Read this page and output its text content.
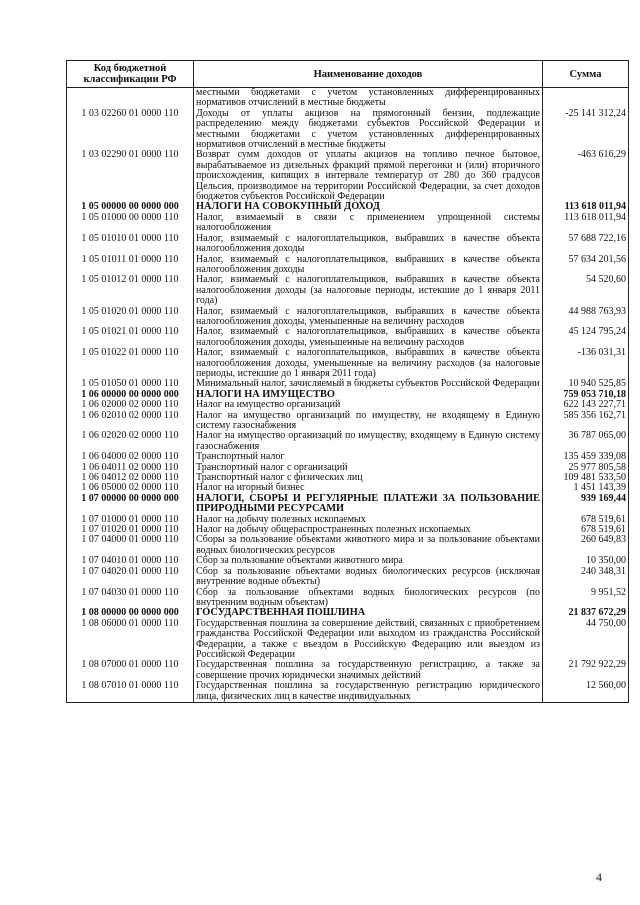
Код бюджетной классификации РФ	Наименование доходов	Сумма
	местными бюджетами с учетом установленных дифференцированных нормативов отчислений в местные бюджеты	
1 03 02260 01 0000 110	Доходы от уплаты акцизов на прямогонный бензин, подлежащие распределению между бюджетами субъектов Российской Федерации и местными бюджетами с учетом установленных дифференцированных нормативов отчислений в местные бюджеты	-25 141 312,24
1 03 02290 01 0000 110	Возврат сумм доходов от уплаты акцизов на топливо печное бытовое, вырабатываемое из дизельных фракций прямой перегонки и (или) вторичного происхождения, кипящих в интервале температур от 280 до 360 градусов Цельсия, производимое на территории Российской Федерации, за счет доходов бюджетов субъектов Российской Федерации	-463 616,29
1 05 00000 00 0000 000	НАЛОГИ НА СОВОКУПНЫЙ ДОХОД	113 618 011,94
1 05 01000 00 0000 110	Налог, взимаемый в связи с применением упрощенной системы налогообложения	113 618 011,94
1 05 01010 01 0000 110	Налог, взимаемый с налогоплательщиков, выбравших в качестве объекта налогообложения доходы	57 688 722,16
1 05 01011 01 0000 110	Налог, взимаемый с налогоплательщиков, выбравших в качестве объекта налогообложения доходы	57 634 201,56
1 05 01012 01 0000 110	Налог, взимаемый с налогоплательщиков, выбравших в качестве объекта налогообложения доходы (за налоговые периоды, истекшие до 1 января 2011 года)	54 520,60
1 05 01020 01 0000 110	Налог, взимаемый с налогоплательщиков, выбравших в качестве объекта налогообложения доходы, уменьшенные на величину расходов	44 988 763,93
1 05 01021 01 0000 110	Налог, взимаемый с налогоплательщиков, выбравших в качестве объекта налогообложения доходы, уменьшенные на величину расходов	45 124 795,24
1 05 01022 01 0000 110	Налог, взимаемый с налогоплательщиков, выбравших в качестве объекта налогообложения доходы, уменьшенные на величину расходов (за налоговые периоды, истекшие до 1 января 2011 года)	-136 031,31
1 05 01050 01 0000 110	Минимальный налог, зачисляемый в бюджеты субъектов Российской Федерации	10 940 525,85
1 06 00000 00 0000 000	НАЛОГИ НА ИМУЩЕСТВО	759 053 710,18
1 06 02000 02 0000 110	Налог на имущество организаций	622 143 227,71
1 06 02010 02 0000 110	Налог на имущество организаций по имуществу, не входящему в Единую систему газоснабжения	585 356 162,71
1 06 02020 02 0000 110	Налог на имущество организаций по имуществу, входящему в Единую систему газоснабжения	36 787 065,00
1 06 04000 02 0000 110	Транспортный налог	135 459 339,08
1 06 04011 02 0000 110	Транспортный налог с организаций	25 977 805,58
1 06 04012 02 0000 110	Транспортный налог с физических лиц	109 481 533,50
1 06 05000 02 0000 110	Налог на игорный бизнес	1 451 143,39
1 07 00000 00 0000 000	НАЛОГИ, СБОРЫ И РЕГУЛЯРНЫЕ ПЛАТЕЖИ ЗА ПОЛЬЗОВАНИЕ ПРИРОДНЫМИ РЕСУРСАМИ	939 169,44
1 07 01000 01 0000 110	Налог на добычу полезных ископаемых	678 519,61
1 07 01020 01 0000 110	Налог на добычу общераспространенных полезных ископаемых	678 519,61
1 07 04000 01 0000 110	Сборы за пользование объектами животного мира и за пользование объектами водных биологических ресурсов	260 649,83
1 07 04010 01 0000 110	Сбор за пользование объектами животного мира	10 350,00
1 07 04020 01 0000 110	Сбор за пользование объектами водных биологических ресурсов (исключая внутренние водные объекты)	240 348,31
1 07 04030 01 0000 110	Сбор за пользование объектами водных биологических ресурсов (по внутренним водным объектам)	9 951,52
1 08 00000 00 0000 000	ГОСУДАРСТВЕННАЯ ПОШЛИНА	21 837 672,29
1 08 06000 01 0000 110	Государственная пошлина за совершение действий, связанных с приобретением гражданства Российской Федерации или выходом из гражданства Российской Федерации, а также с въездом в Российскую Федерацию или выездом из Российской Федерации	44 750,00
1 08 07000 01 0000 110	Государственная пошлина за государственную регистрацию, а также за совершение прочих юридически значимых действий	21 792 922,29
1 08 07010 01 0000 110	Государственная пошлина за государственную регистрацию юридического лица, физических лиц в качестве индивидуальных	12 560,00
4
